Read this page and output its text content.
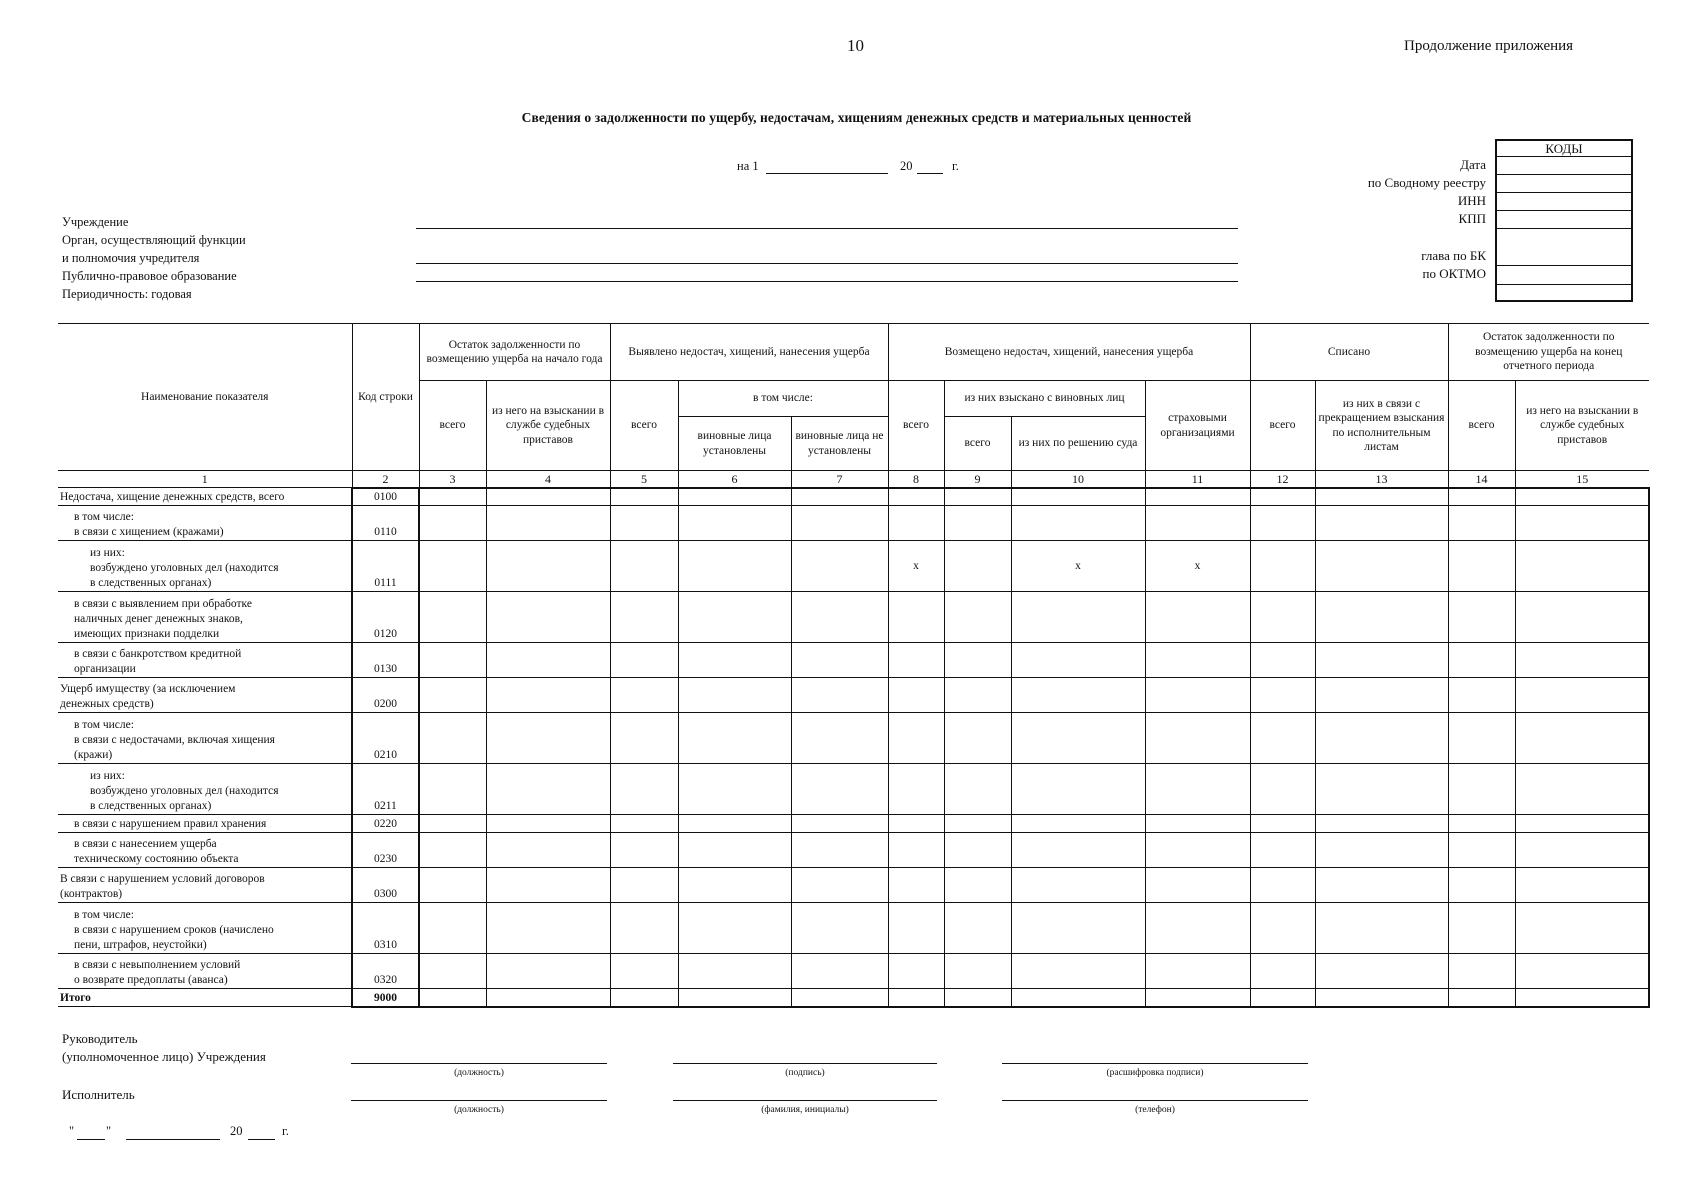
10	Продолжение приложения
Сведения о задолженности по ущербу, недостачам, хищениям денежных средств и материальных ценностей
на 1	20	г.
Учреждение
Орган, осуществляющий функции
и полномочия учредителя
Публично-правовое образование
Периодичность: годовая
Дата
по Сводному реестру
ИНН
КПП
глава по БК
по ОКТМО
КОДЫ
Наименование показателя	Код строки	Остаток задолженности по возмещению ущерба на начало года		Выявлено недостач, хищений, нанесения ущерба			Возмещено недостач, хищений, нанесения ущерба				Списано		Остаток задолженности по возмещению ущерба на конец отчетного периода	
		всего	из него на взыскании в службе судебных приставов	всего	в том числе:		всего	из них взыскано с виновных лиц		страховыми организациями	всего	из них в связи с прекращением взыскания по исполнительным листам	всего	из него на взыскании в службе судебных приставов
					виновные лица установлены	виновные лица не установлены		всего	из них по решению суда					
1	2	3	4	5	6	7	8	9	10	11	12	13	14	15
Недостача, хищение денежных средств, всего	0100													
в том числе:
в связи с хищением (кражами)	0110													
из них:
возбуждено уголовных дел (находится
в следственных органах)	0111						x		x	x				
в связи с выявлением при обработке
наличных денег денежных знаков,
имеющих признаки подделки	0120													
в связи с банкротством кредитной
организации	0130													
Ущерб имуществу (за исключением
денежных средств)	0200													
в том числе:
в связи с недостачами, включая хищения
(кражи)	0210													
из них:
возбуждено уголовных дел (находится
в следственных органах)	0211													
в связи с нарушением правил хранения	0220													
в связи с нанесением ущерба
техническому состоянию объекта	0230													
В связи с нарушением условий договоров
(контрактов)	0300													
в том числе:
в связи с нарушением сроков (начислено
пени, штрафов, неустойки)	0310													
в связи с невыполнением условий
о возврате предоплаты (аванса)	0320													
Итого	9000													
Руководитель
(уполномоченное лицо) Учреждения
Исполнитель
(должность)	(подпись)	(расшифровка подписи)
(должность)	(фамилия, инициалы)	(телефон)
"	"	20	г.
